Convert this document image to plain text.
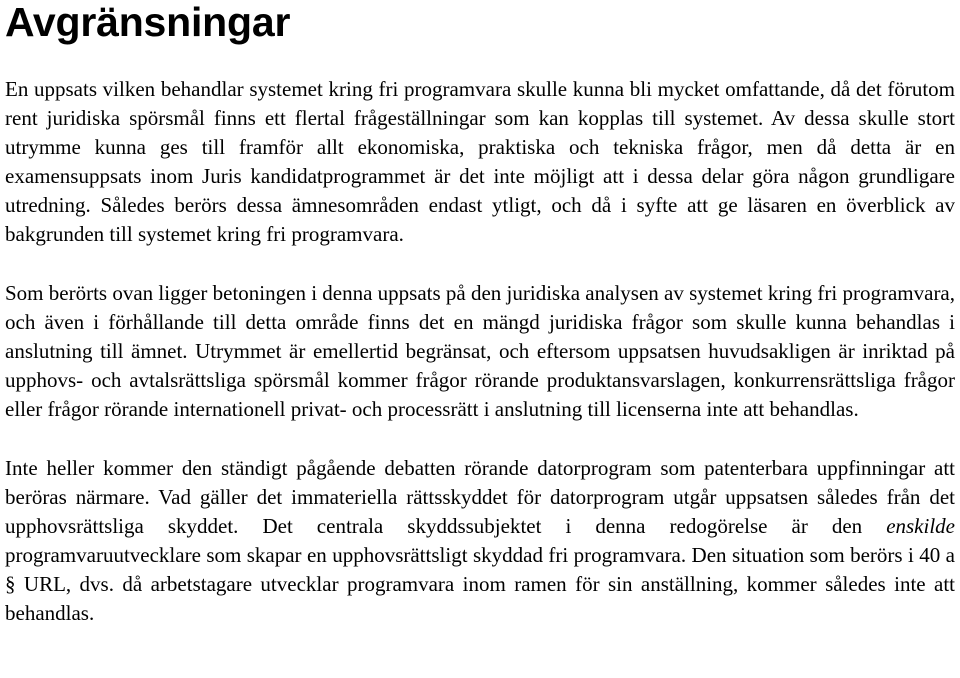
Avgränsningar

En uppsats vilken behandlar systemet kring fri programvara skulle kunna bli mycket omfattande, då det förutom rent juridiska spörsmål finns ett flertal frågeställningar som kan kopplas till systemet. Av dessa skulle stort utrymme kunna ges till framför allt ekonomiska, praktiska och tekniska frågor, men då detta är en examensuppsats inom Juris kandidatprogrammet är det inte möjligt att i dessa delar göra någon grundligare utredning. Således berörs dessa ämnesområden endast ytligt, och då i syfte att ge läsaren en överblick av bakgrunden till systemet kring fri programvara.

Som berörts ovan ligger betoningen i denna uppsats på den juridiska analysen av systemet kring fri programvara, och även i förhållande till detta område finns det en mängd juridiska frågor som skulle kunna behandlas i anslutning till ämnet. Utrymmet är emellertid begränsat, och eftersom uppsatsen huvudsakligen är inriktad på upphovs- och avtalsrättsliga spörsmål kommer frågor rörande produktansvarslagen, konkurrensrättsliga frågor eller frågor rörande internationell privat- och processrätt i anslutning till licenserna inte att behandlas.

Inte heller kommer den ständigt pågående debatten rörande datorprogram som patenterbara uppfinningar att beröras närmare. Vad gäller det immateriella rättsskyddet för datorprogram utgår uppsatsen således från det upphovsrättsliga skyddet. Det centrala skyddssubjektet i denna redogörelse är den enskilde programvaruutvecklare som skapar en upphovsrättsligt skyddad fri programvara. Den situation som berörs i 40 a § URL, dvs. då arbetstagare utvecklar programvara inom ramen för sin anställning, kommer således inte att behandlas.
